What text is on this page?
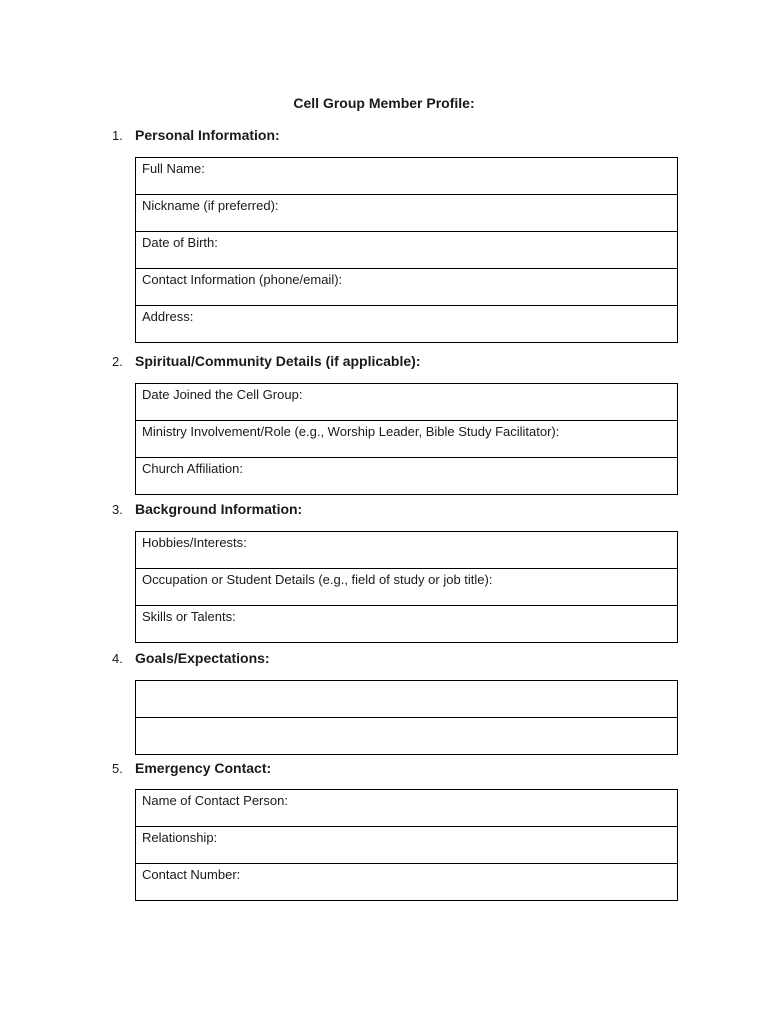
Cell Group Member Profile:
1. Personal Information:
Full Name:
Nickname (if preferred):
Date of Birth:
Contact Information (phone/email):
Address:
2. Spiritual/Community Details (if applicable):
Date Joined the Cell Group:
Ministry Involvement/Role (e.g., Worship Leader, Bible Study Facilitator):
Church Affiliation:
3. Background Information:
Hobbies/Interests:
Occupation or Student Details (e.g., field of study or job title):
Skills or Talents:
4. Goals/Expectations:

5. Emergency Contact:
Name of Contact Person:
Relationship:
Contact Number:
